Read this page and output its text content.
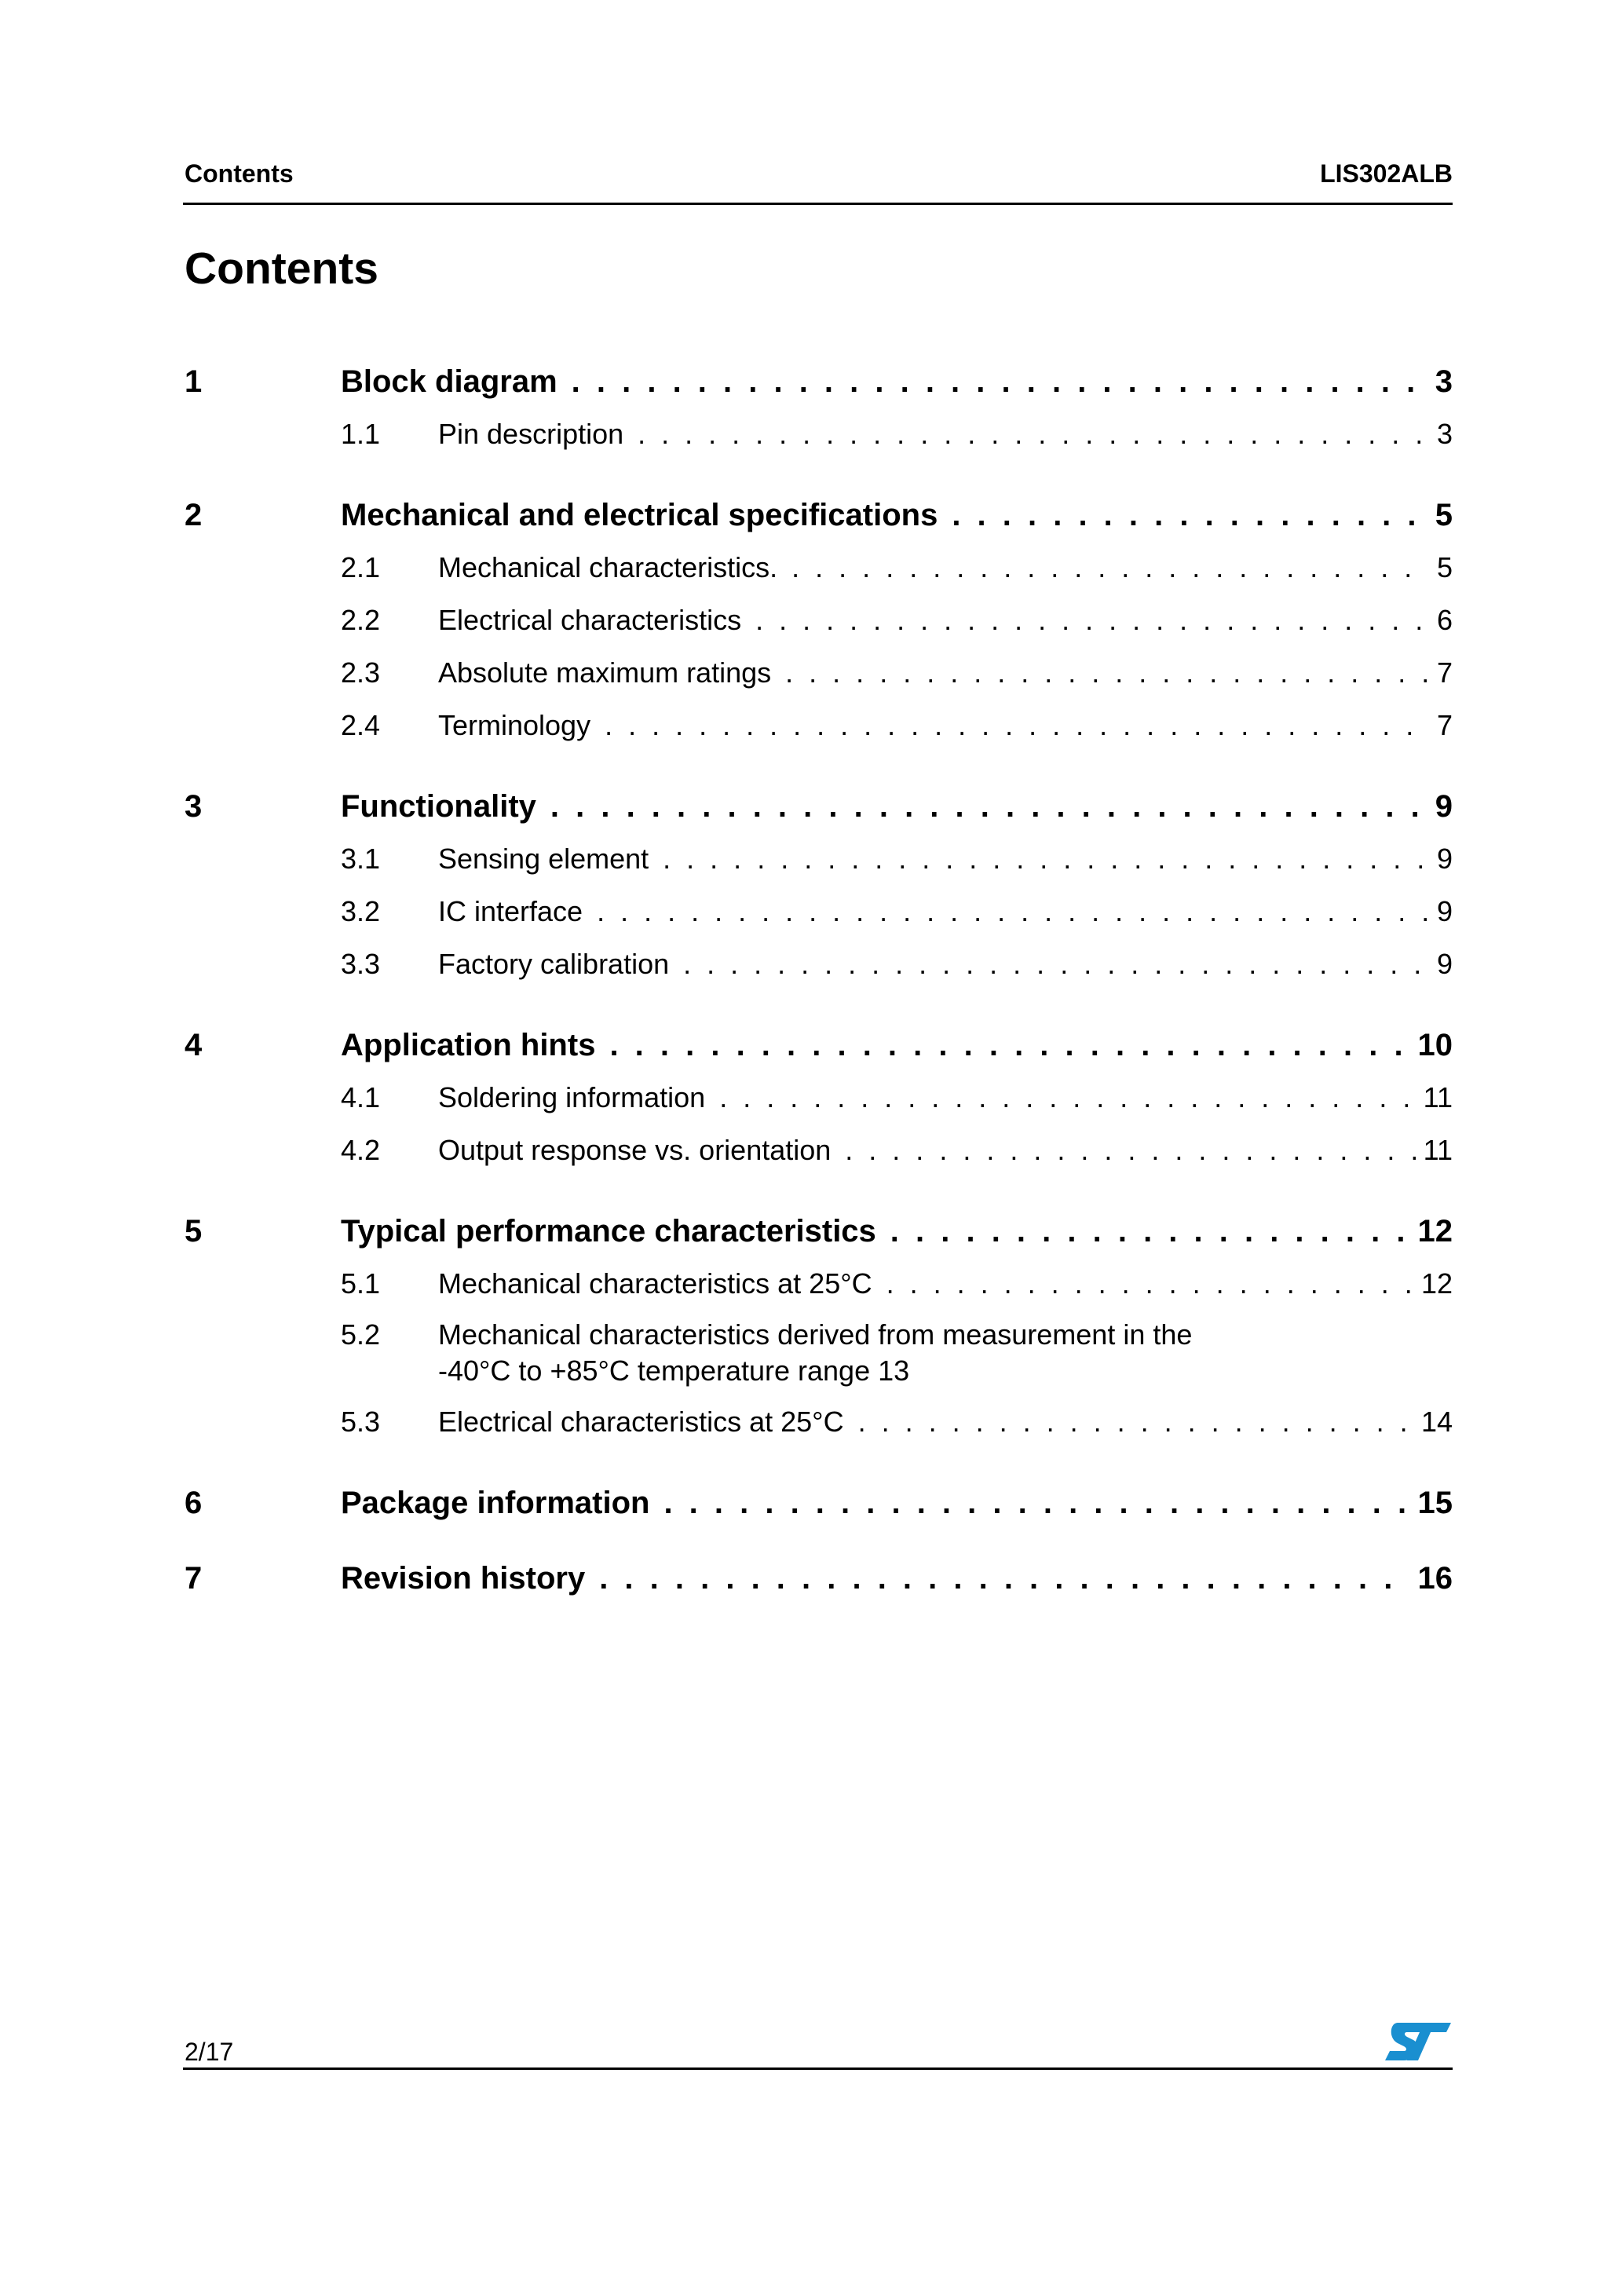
Contents	LIS302ALB
Contents
1	Block diagram . . .	3
1.1	Pin description . . .	3
2	Mechanical and electrical specifications . . .	5
2.1	Mechanical characteristics. . . .	5
2.2	Electrical characteristics . . .	6
2.3	Absolute maximum ratings . . .	7
2.4	Terminology . . .	7
3	Functionality . . .	9
3.1	Sensing element . . .	9
3.2	IC interface . . .	9
3.3	Factory calibration . . .	9
4	Application hints . . .	10
4.1	Soldering information . . .	11
4.2	Output response vs. orientation . . .	11
5	Typical performance characteristics . . .	12
5.1	Mechanical characteristics at 25°C . . .	12
5.2	Mechanical characteristics derived from measurement in the -40°C to +85°C temperature range 13
5.3	Electrical characteristics at 25°C . . .	14
6	Package information . . .	15
7	Revision history . . .	16
2/17
